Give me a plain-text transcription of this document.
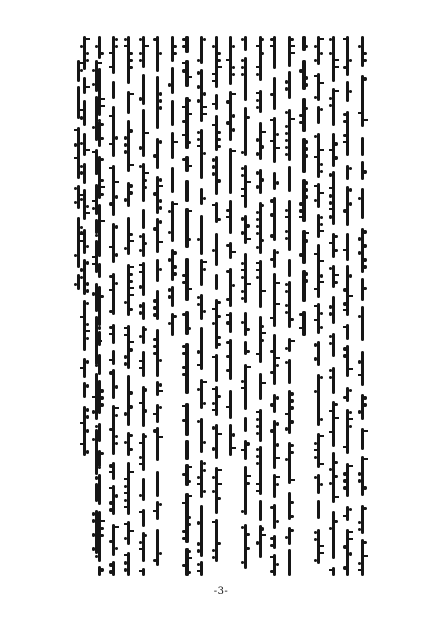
-3-
